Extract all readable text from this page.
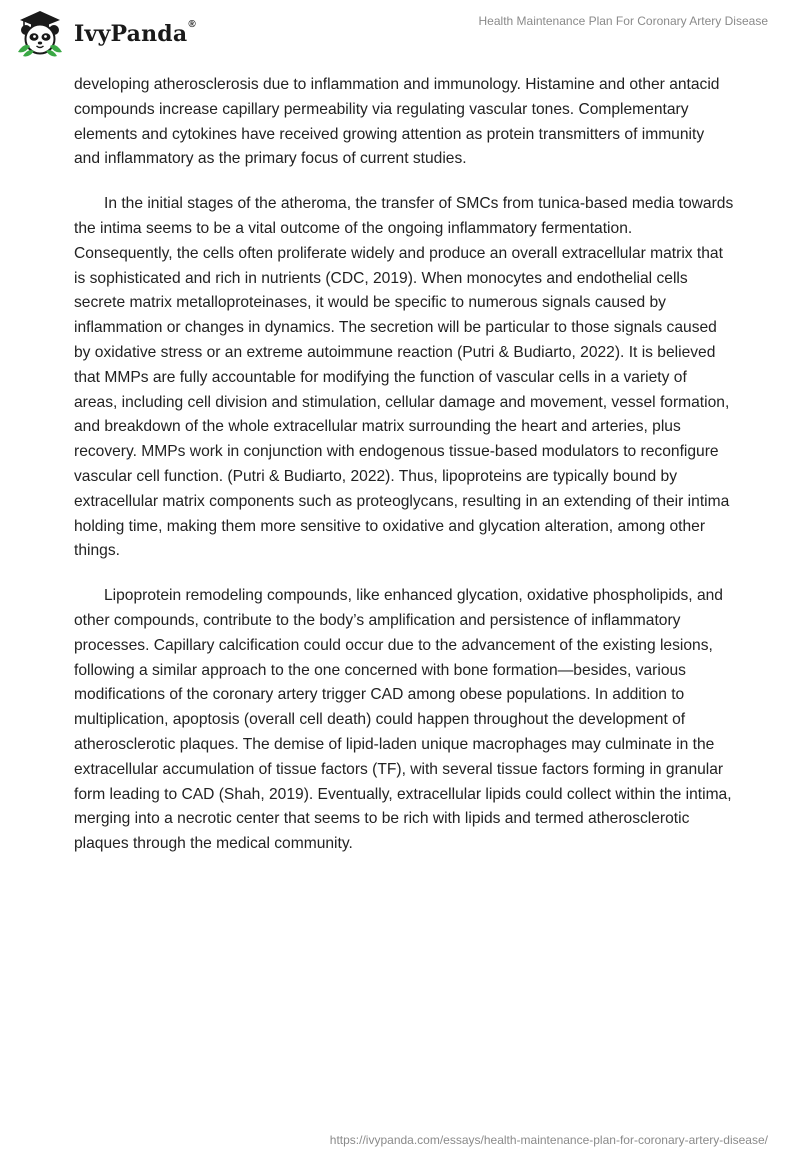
IvyPanda®	Health Maintenance Plan For Coronary Artery Disease

developing atherosclerosis due to inflammation and immunology. Histamine and other antacid compounds increase capillary permeability via regulating vascular tones. Complementary elements and cytokines have received growing attention as protein transmitters of immunity and inflammatory as the primary focus of current studies.

In the initial stages of the atheroma, the transfer of SMCs from tunica-based media towards the intima seems to be a vital outcome of the ongoing inflammatory fermentation. Consequently, the cells often proliferate widely and produce an overall extracellular matrix that is sophisticated and rich in nutrients (CDC, 2019). When monocytes and endothelial cells secrete matrix metalloproteinases, it would be specific to numerous signals caused by inflammation or changes in dynamics. The secretion will be particular to those signals caused by oxidative stress or an extreme autoimmune reaction (Putri & Budiarto, 2022). It is believed that MMPs are fully accountable for modifying the function of vascular cells in a variety of areas, including cell division and stimulation, cellular damage and movement, vessel formation, and breakdown of the whole extracellular matrix surrounding the heart and arteries, plus recovery. MMPs work in conjunction with endogenous tissue-based modulators to reconfigure vascular cell function. (Putri & Budiarto, 2022). Thus, lipoproteins are typically bound by extracellular matrix components such as proteoglycans, resulting in an extending of their intima holding time, making them more sensitive to oxidative and glycation alteration, among other things.

Lipoprotein remodeling compounds, like enhanced glycation, oxidative phospholipids, and other compounds, contribute to the body’s amplification and persistence of inflammatory processes. Capillary calcification could occur due to the advancement of the existing lesions, following a similar approach to the one concerned with bone formation—besides, various modifications of the coronary artery trigger CAD among obese populations. In addition to multiplication, apoptosis (overall cell death) could happen throughout the development of atherosclerotic plaques. The demise of lipid-laden unique macrophages may culminate in the extracellular accumulation of tissue factors (TF), with several tissue factors forming in granular form leading to CAD (Shah, 2019). Eventually, extracellular lipids could collect within the intima, merging into a necrotic center that seems to be rich with lipids and termed atherosclerotic plaques through the medical community.

https://ivypanda.com/essays/health-maintenance-plan-for-coronary-artery-disease/
